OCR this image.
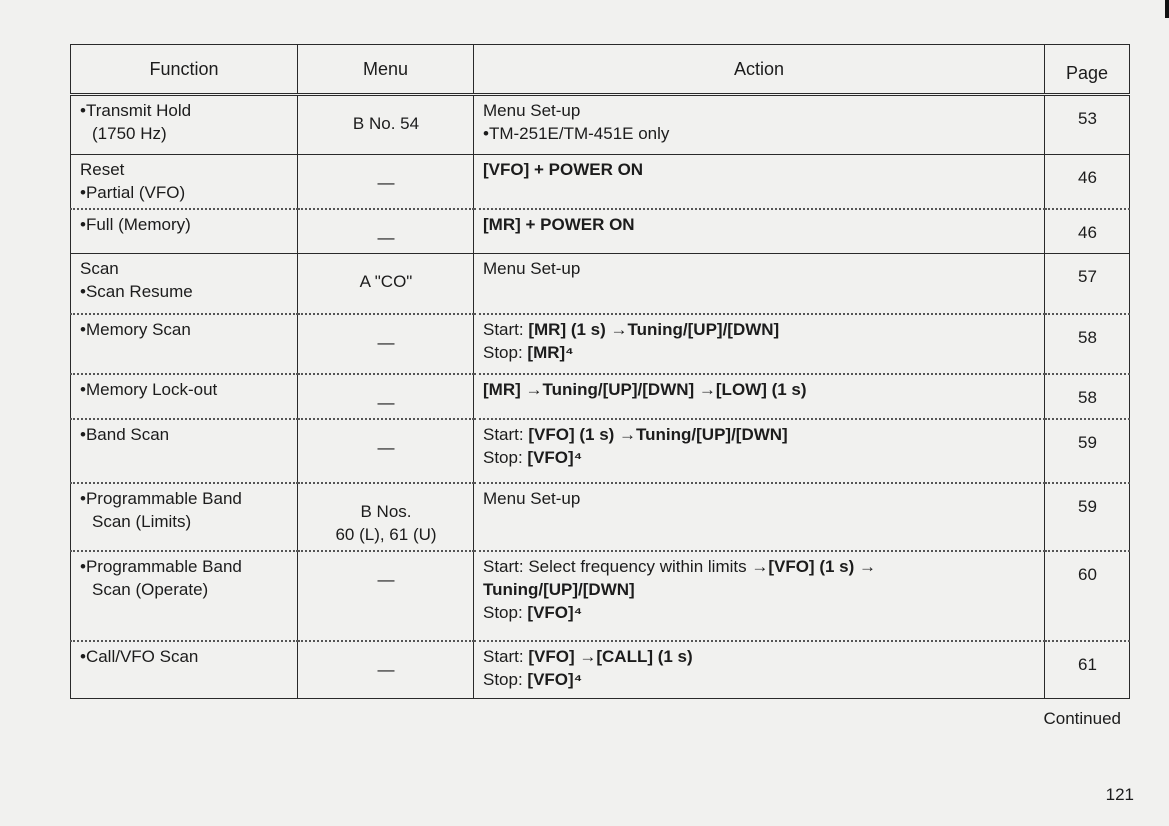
Function	Menu	Action	Page

•Transmit Hold
(1750 Hz)	B No. 54	Menu Set-up
•TM-251E/TM-451E only	53

Reset
•Partial (VFO)	—	[VFO] + POWER ON	46

•Full (Memory)	—	[MR] + POWER ON	46

Scan
•Scan Resume	A "CO"	Menu Set-up	57

•Memory Scan	—	Start: [MR] (1 s) →Tuning/[UP]/[DWN]
Stop: [MR]⁴	58

•Memory Lock-out	—	[MR] →Tuning/[UP]/[DWN] →[LOW] (1 s)	58

•Band Scan	—	Start: [VFO] (1 s) →Tuning/[UP]/[DWN]
Stop: [VFO]⁴	59

•Programmable Band
Scan (Limits)	B Nos.
60 (L), 61 (U)	Menu Set-up	59

•Programmable Band
Scan (Operate)	—	Start: Select frequency within limits →[VFO] (1 s) →
Tuning/[UP]/[DWN]
Stop: [VFO]⁴	60

•Call/VFO Scan	—	Start: [VFO] →[CALL] (1 s)
Stop: [VFO]⁴	61
Continued
121
